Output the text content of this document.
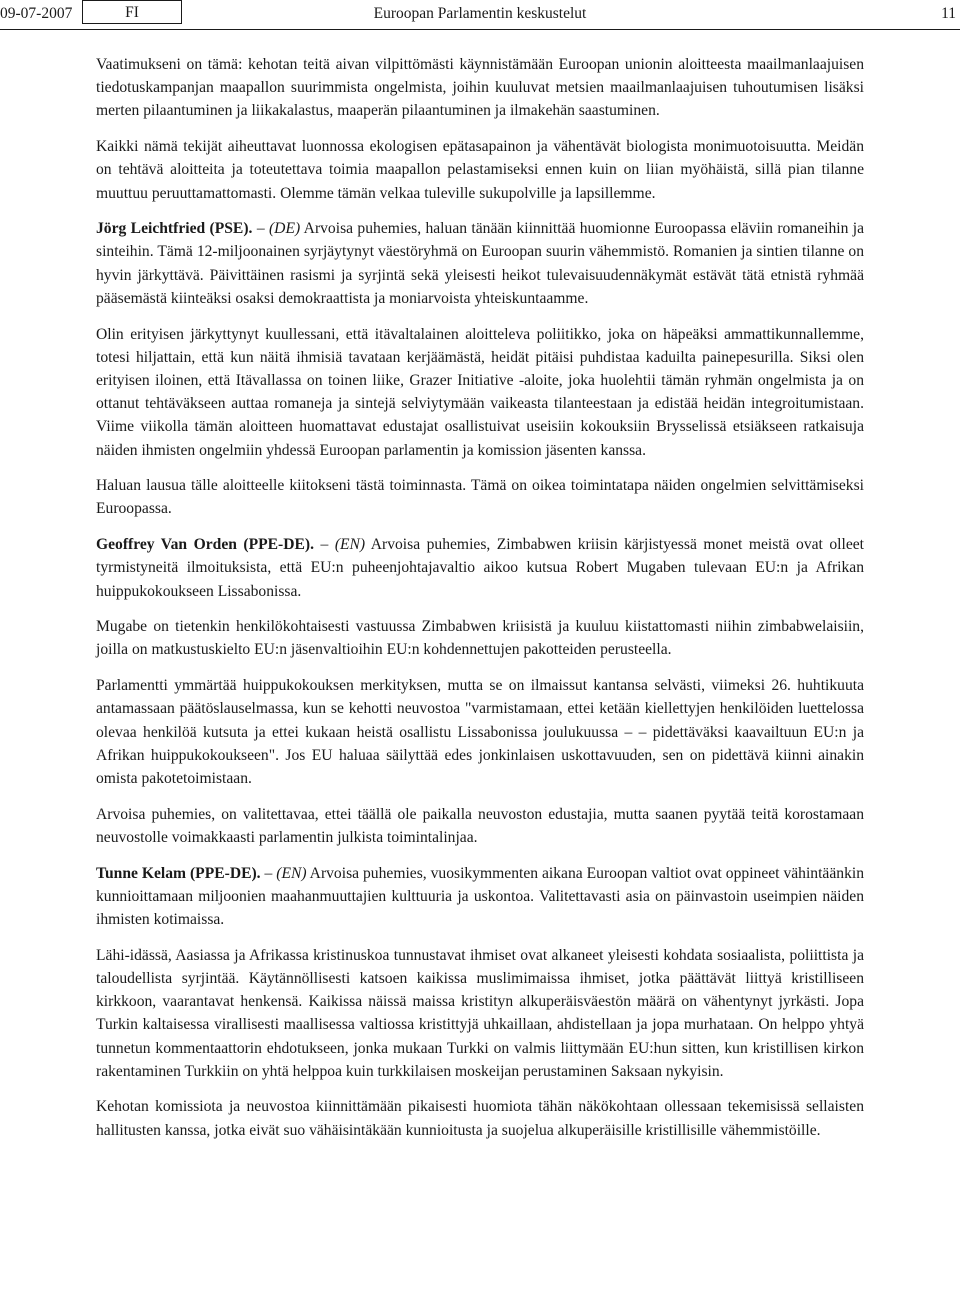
09-07-2007	FI	Euroopan Parlamentin keskustelut	11

Vaatimukseni on tämä: kehotan teitä aivan vilpittömästi käynnistämään Euroopan unionin aloitteesta maailmanlaajuisen tiedotuskampanjan maapallon suurimmista ongelmista, joihin kuuluvat metsien maailmanlaajuisen tuhoutumisen lisäksi merten pilaantuminen ja liikakalastus, maaperän pilaantuminen ja ilmakehän saastuminen.

Kaikki nämä tekijät aiheuttavat luonnossa ekologisen epätasapainon ja vähentävät biologista monimuotoisuutta. Meidän on tehtävä aloitteita ja toteutettava toimia maapallon pelastamiseksi ennen kuin on liian myöhäistä, sillä pian tilanne muuttuu peruuttamattomasti. Olemme tämän velkaa tuleville sukupolville ja lapsillemme.

Jörg Leichtfried (PSE). – (DE) Arvoisa puhemies, haluan tänään kiinnittää huomionne Euroopassa eläviin romaneihin ja sinteihin. Tämä 12-miljoonainen syrjäytynyt väestöryhmä on Euroopan suurin vähemmistö. Romanien ja sintien tilanne on hyvin järkyttävä. Päivittäinen rasismi ja syrjintä sekä yleisesti heikot tulevaisuudennäkymät estävät tätä etnistä ryhmää pääsemästä kiinteäksi osaksi demokraattista ja moniarvoista yhteiskuntaamme.

Olin erityisen järkyttynyt kuullessani, että itävaltalainen aloitteleva poliitikko, joka on häpeäksi ammattikunnallemme, totesi hiljattain, että kun näitä ihmisiä tavataan kerjäämästä, heidät pitäisi puhdistaa kaduilta painepesurilla. Siksi olen erityisen iloinen, että Itävallassa on toinen liike, Grazer Initiative -aloite, joka huolehtii tämän ryhmän ongelmista ja on ottanut tehtäväkseen auttaa romaneja ja sintejä selviytymään vaikeasta tilanteestaan ja edistää heidän integroitumistaan. Viime viikolla tämän aloitteen huomattavat edustajat osallistuivat useisiin kokouksiin Brysselissä etsiäkseen ratkaisuja näiden ihmisten ongelmiin yhdessä Euroopan parlamentin ja komission jäsenten kanssa.

Haluan lausua tälle aloitteelle kiitokseni tästä toiminnasta. Tämä on oikea toimintatapa näiden ongelmien selvittämiseksi Euroopassa.

Geoffrey Van Orden (PPE-DE). – (EN) Arvoisa puhemies, Zimbabwen kriisin kärjistyessä monet meistä ovat olleet tyrmistyneitä ilmoituksista, että EU:n puheenjohtajavaltio aikoo kutsua Robert Mugaben tulevaan EU:n ja Afrikan huippukokoukseen Lissabonissa.

Mugabe on tietenkin henkilökohtaisesti vastuussa Zimbabwen kriisistä ja kuuluu kiistattomasti niihin zimbabwelaisiin, joilla on matkustuskielto EU:n jäsenvaltioihin EU:n kohdennettujen pakotteiden perusteella.

Parlamentti ymmärtää huippukokouksen merkityksen, mutta se on ilmaissut kantansa selvästi, viimeksi 26. huhtikuuta antamassaan päätöslauselmassa, kun se kehotti neuvostoa "varmistamaan, ettei ketään kiellettyjen henkilöiden luettelossa olevaa henkilöä kutsuta ja ettei kukaan heistä osallistu Lissabonissa joulukuussa – – pidettäväksi kaavailtuun EU:n ja Afrikan huippukokoukseen". Jos EU haluaa säilyttää edes jonkinlaisen uskottavuuden, sen on pidettävä kiinni ainakin omista pakotetoimistaan.

Arvoisa puhemies, on valitettavaa, ettei täällä ole paikalla neuvoston edustajia, mutta saanen pyytää teitä korostamaan neuvostolle voimakkaasti parlamentin julkista toimintalinjaa.

Tunne Kelam (PPE-DE). – (EN) Arvoisa puhemies, vuosikymmenten aikana Euroopan valtiot ovat oppineet vähintäänkin kunnioittamaan miljoonien maahanmuuttajien kulttuuria ja uskontoa. Valitettavasti asia on päinvastoin useimpien näiden ihmisten kotimaissa.

Lähi-idässä, Aasiassa ja Afrikassa kristinuskoa tunnustavat ihmiset ovat alkaneet yleisesti kohdata sosiaalista, poliittista ja taloudellista syrjintää. Käytännöllisesti katsoen kaikissa muslimimaissa ihmiset, jotka päättävät liittyä kristilliseen kirkkoon, vaarantavat henkensä. Kaikissa näissä maissa kristityn alkuperäisväestön määrä on vähentynyt jyrkästi. Jopa Turkin kaltaisessa virallisesti maallisessa valtiossa kristittyjä uhkaillaan, ahdistellaan ja jopa murhataan. On helppo yhtyä tunnetun kommentaattorin ehdotukseen, jonka mukaan Turkki on valmis liittymään EU:hun sitten, kun kristillisen kirkon rakentaminen Turkkiin on yhtä helppoa kuin turkkilaisen moskeijan perustaminen Saksaan nykyisin.

Kehotan komissiota ja neuvostoa kiinnittämään pikaisesti huomiota tähän näkökohtaan ollessaan tekemisissä sellaisten hallitusten kanssa, jotka eivät suo vähäisintäkään kunnioitusta ja suojelua alkuperäisille kristillisille vähemmistöille.
